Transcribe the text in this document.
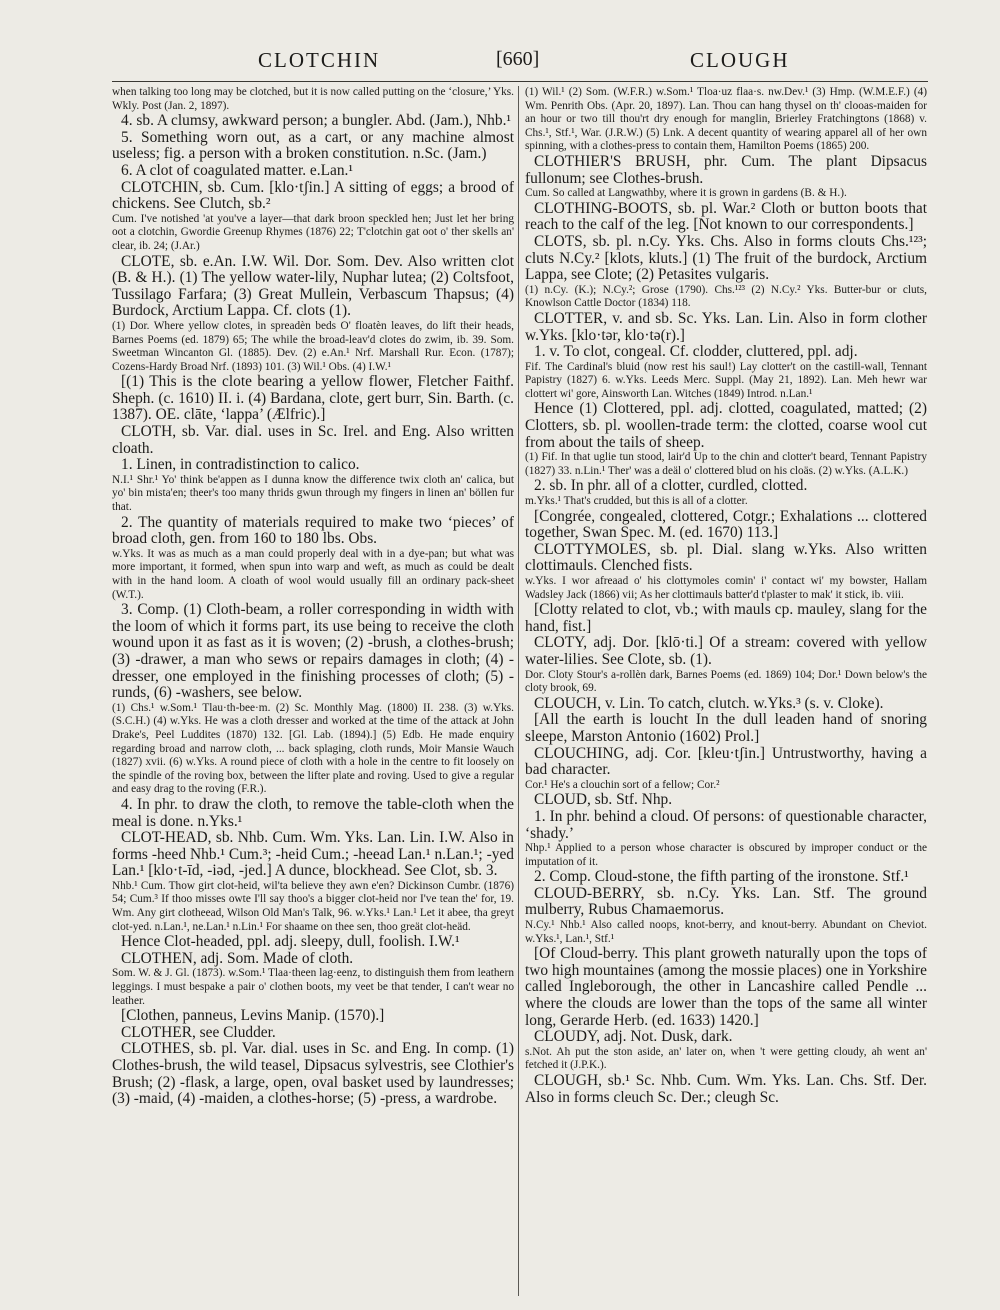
CLOTCHIN	[660]	CLOUGH

when talking too long may be clotched, but it is now called putting on the ‘closure,’ Yks. Wkly. Post (Jan. 2, 1897).

4. sb. A clumsy, awkward person; a bungler. Abd. (Jam.), Nhb.¹

5. Something worn out, as a cart, or any machine almost useless; fig. a person with a broken constitution. n.Sc. (Jam.)

6. A clot of coagulated matter. e.Lan.¹

CLOTCHIN, sb. Cum. [klo·tʃin.] A sitting of eggs; a brood of chickens. See Clutch, sb.²

Cum. I've notished 'at you've a layer—that dark broon speckled hen; Just let her bring oot a clotchin, Gwordie Greenup Rhymes (1876) 22; T'clotchin gat oot o' ther skells an' clear, ib. 24; (J.Ar.)

CLOTE, sb. e.An. I.W. Wil. Dor. Som. Dev. Also written clot (B. & H.). (1) The yellow water-lily, Nuphar lutea; (2) Coltsfoot, Tussilago Farfara; (3) Great Mullein, Verbascum Thapsus; (4) Burdock, Arctium Lappa. Cf. clots (1).

(1) Dor. Where yellow clotes, in spreadèn beds O' floatèn leaves, do lift their heads, Barnes Poems (ed. 1879) 65; The while the broad-leav'd clotes do zwim, ib. 39. Som. Sweetman Wincanton Gl. (1885). Dev. (2) e.An.¹ Nrf. Marshall Rur. Econ. (1787); Cozens-Hardy Broad Nrf. (1893) 101. (3) Wil.¹ Obs. (4) I.W.¹

[(1) This is the clote bearing a yellow flower, Fletcher Faithf. Sheph. (c. 1610) II. i. (4) Bardana, clote, gert burr, Sin. Barth. (c. 1387). OE. clāte, ‘lappa’ (Ælfric).]

CLOTH, sb. Var. dial. uses in Sc. Irel. and Eng. Also written cloath.

1. Linen, in contradistinction to calico.

N.I.¹ Shr.¹ Yo' think be'appen as I dunna know the difference twix cloth an' calica, but yo' bin mista'en; theer's too many thrids gwun through my fingers in linen an' böllen fur that.

2. The quantity of materials required to make two ‘pieces’ of broad cloth, gen. from 160 to 180 lbs. Obs.

w.Yks. It was as much as a man could properly deal with in a dye-pan; but what was more important, it formed, when spun into warp and weft, as much as could be dealt with in the hand loom. A cloath of wool would usually fill an ordinary pack-sheet (W.T.).

3. Comp. (1) Cloth-beam, a roller corresponding in width with the loom of which it forms part, its use being to receive the cloth wound upon it as fast as it is woven; (2) -brush, a clothes-brush; (3) -drawer, a man who sews or repairs damages in cloth; (4) -dresser, one employed in the finishing processes of cloth; (5) -runds, (6) -washers, see below.

(1) Chs.¹ w.Som.¹ Tlau·th-bee·m. (2) Sc. Monthly Mag. (1800) II. 238. (3) w.Yks. (S.C.H.) (4) w.Yks. He was a cloth dresser and worked at the time of the attack at John Drake's, Peel Luddites (1870) 132. [Gl. Lab. (1894).] (5) Edb. He made enquiry regarding broad and narrow cloth, ... back splaging, cloth runds, Moir Mansie Wauch (1827) xvii. (6) w.Yks. A round piece of cloth with a hole in the centre to fit loosely on the spindle of the roving box, between the lifter plate and roving. Used to give a regular and easy drag to the roving (F.R.).

4. In phr. to draw the cloth, to remove the table-cloth when the meal is done. n.Yks.¹

CLOT-HEAD, sb. Nhb. Cum. Wm. Yks. Lan. Lin. I.W. Also in forms -heed Nhb.¹ Cum.³; -heid Cum.; -heead Lan.¹ n.Lan.¹; -yed Lan.¹ [klo·t-īd, -iəd, -jed.] A dunce, blockhead. See Clot, sb. 3.

Nhb.¹ Cum. Thow girt clot-heid, wil'ta believe they awn e'en? Dickinson Cumbr. (1876) 54; Cum.³ If thoo misses owte I'll say thoo's a bigger clot-heid nor I've tean the' for, 19. Wm. Any girt clotheead, Wilson Old Man's Talk, 96. w.Yks.¹ Lan.¹ Let it abee, tha greyt clot-yed. n.Lan.¹, ne.Lan.¹ n.Lin.¹ For shaame on thee sen, thoo greät clot-heäd.

Hence Clot-headed, ppl. adj. sleepy, dull, foolish. I.W.¹

CLOTHEN, adj. Som. Made of cloth.

Som. W. & J. Gl. (1873). w.Som.¹ Tlaa·theen lag·eenz, to distinguish them from leathern leggings. I must bespake a pair o' clothen boots, my veet be that tender, I can't wear no leather.

[Clothen, panneus, Levins Manip. (1570).]

CLOTHER, see Cludder.

CLOTHES, sb. pl. Var. dial. uses in Sc. and Eng. In comp. (1) Clothes-brush, the wild teasel, Dipsacus sylvestris, see Clothier's Brush; (2) -flask, a large, open, oval basket used by laundresses; (3) -maid, (4) -maiden, a clothes-horse; (5) -press, a wardrobe.

(1) Wil.¹ (2) Som. (W.F.R.) w.Som.¹ Tloa·uz flaa·s. nw.Dev.¹ (3) Hmp. (W.M.E.F.) (4) Wm. Penrith Obs. (Apr. 20, 1897). Lan. Thou can hang thysel on th' clooas-maiden for an hour or two till thou'rt dry enough for manglin, Brierley Fratchingtons (1868) v. Chs.¹, Stf.¹, War. (J.R.W.) (5) Lnk. A decent quantity of wearing apparel all of her own spinning, with a clothes-press to contain them, Hamilton Poems (1865) 200.

CLOTHIER'S BRUSH, phr. Cum. The plant Dipsacus fullonum; see Clothes-brush.

Cum. So called at Langwathby, where it is grown in gardens (B. & H.).

CLOTHING-BOOTS, sb. pl. War.² Cloth or button boots that reach to the calf of the leg. [Not known to our correspondents.]

CLOTS, sb. pl. n.Cy. Yks. Chs. Also in forms clouts Chs.¹²³; cluts N.Cy.² [klots, kluts.] (1) The fruit of the burdock, Arctium Lappa, see Clote; (2) Petasites vulgaris.

(1) n.Cy. (K.); N.Cy.²; Grose (1790). Chs.¹²³ (2) N.Cy.² Yks. Butter-bur or cluts, Knowlson Cattle Doctor (1834) 118.

CLOTTER, v. and sb. Sc. Yks. Lan. Lin. Also in form clother w.Yks. [klo·tər, klo·tə(r).]

1. v. To clot, congeal. Cf. clodder, cluttered, ppl. adj.

Fif. The Cardinal's bluid (now rest his saul!) Lay clotter't on the castill-wall, Tennant Papistry (1827) 6. w.Yks. Leeds Merc. Suppl. (May 21, 1892). Lan. Meh hewr war clottert wi' gore, Ainsworth Lan. Witches (1849) Introd. n.Lan.¹

Hence (1) Clottered, ppl. adj. clotted, coagulated, matted; (2) Clotters, sb. pl. woollen-trade term: the clotted, coarse wool cut from about the tails of sheep.

(1) Fif. In that uglie tun stood, lair'd Up to the chin and clotter't beard, Tennant Papistry (1827) 33. n.Lin.¹ Ther' was a deäl o' clottered blud on his cloäs. (2) w.Yks. (A.L.K.)

2. sb. In phr. all of a clotter, curdled, clotted.

m.Yks.¹ That's crudded, but this is all of a clotter.

[Congrée, congealed, clottered, Cotgr.; Exhalations ... clottered together, Swan Spec. M. (ed. 1670) 113.]

CLOTTYMOLES, sb. pl. Dial. slang w.Yks. Also written clottimauls. Clenched fists.

w.Yks. I wor afreaad o' his clottymoles comin' i' contact wi' my bowster, Hallam Wadsley Jack (1866) vii; As her clottimauls batter'd t'plaster to mak' it stick, ib. viii.

[Clotty related to clot, vb.; with mauls cp. mauley, slang for the hand, fist.]

CLOTY, adj. Dor. [klō·ti.] Of a stream: covered with yellow water-lilies. See Clote, sb. (1).

Dor. Cloty Stour's a-rollèn dark, Barnes Poems (ed. 1869) 104; Dor.¹ Down below's the cloty brook, 69.

CLOUCH, v. Lin. To catch, clutch. w.Yks.³ (s. v. Cloke).

[All the earth is loucht In the dull leaden hand of snoring sleepe, Marston Antonio (1602) Prol.]

CLOUCHING, adj. Cor. [kleu·tʃin.] Untrustworthy, having a bad character.

Cor.¹ He's a clouchin sort of a fellow; Cor.²

CLOUD, sb. Stf. Nhp.

1. In phr. behind a cloud. Of persons: of questionable character, ‘shady.’

Nhp.¹ Applied to a person whose character is obscured by improper conduct or the imputation of it.

2. Comp. Cloud-stone, the fifth parting of the ironstone. Stf.¹

CLOUD-BERRY, sb. n.Cy. Yks. Lan. Stf. The ground mulberry, Rubus Chamaemorus.

N.Cy.¹ Nhb.¹ Also called noops, knot-berry, and knout-berry. Abundant on Cheviot. w.Yks.¹, Lan.¹, Stf.¹

[Of Cloud-berry. This plant groweth naturally upon the tops of two high mountaines (among the mossie places) one in Yorkshire called Ingleborough, the other in Lancashire called Pendle ... where the clouds are lower than the tops of the same all winter long, Gerarde Herb. (ed. 1633) 1420.]

CLOUDY, adj. Not. Dusk, dark.

s.Not. Ah put the ston aside, an' later on, when 't were getting cloudy, ah went an' fetched it (J.P.K.).

CLOUGH, sb.¹ Sc. Nhb. Cum. Wm. Yks. Lan. Chs. Stf. Der. Also in forms cleuch Sc. Der.; cleugh Sc.
